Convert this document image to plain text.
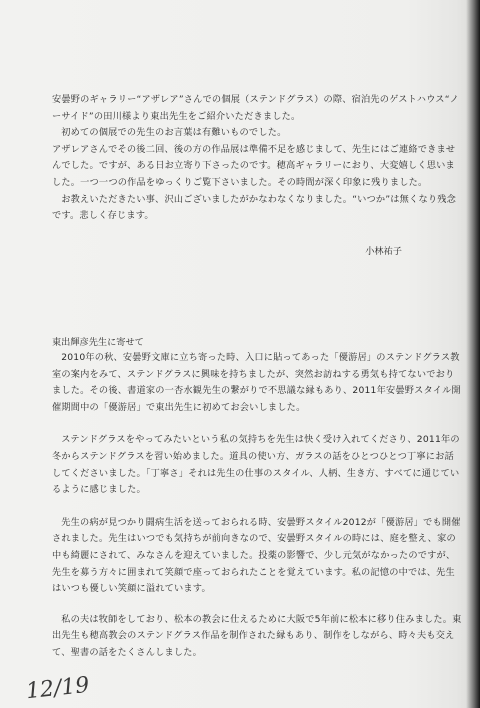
安曇野のギャラリー“アザレア”さんでの個展（ステンドグラス）の際、宿泊先のゲストハウス“ノーサイド”の田川様より東出先生をご紹介いただきました。

初めての個展での先生のお言葉は有難いものでした。

アザレアさんでその後二回、後の方の作品展は準備不足を感じまして、先生にはご連絡できませんでした。ですが、ある日お立寄り下さったのです。穂高ギャラリーにおり、大変嬉しく思いました。一つ一つの作品をゆっくりご覧下さいました。その時間が深く印象に残りました。

お教えいただきたい事、沢山ございましたがかなわなくなりました。“いつか”は無くなり残念です。悲しく存じます。

小林祐子
東出輝彦先生に寄せて

2010年の秋、安曇野文庫に立ち寄った時、入口に貼ってあった「優游居」のステンドグラス教室の案内をみて、ステンドグラスに興味を持ちましたが、突然お訪ねする勇気も持てないでおりました。その後、書道家の一杏水観先生の繋がりで不思議な縁もあり、2011年安曇野スタイル開催期間中の「優游居」で東出先生に初めてお会いしました。

ステンドグラスをやってみたいという私の気持ちを先生は快く受け入れてくださり、2011年の冬からステンドグラスを習い始めました。道具の使い方、ガラスの話をひとつひとつ丁寧にお話してくださいました。「丁寧さ」それは先生の仕事のスタイル、人柄、生き方、すべてに通じているように感じました。

先生の病が見つかり闘病生活を送っておられる時、安曇野スタイル2012が「優游居」でも開催されました。先生はいつでも気持ちが前向きなので、安曇野スタイルの時には、庭を整え、家の中も綺麗にされて、みなさんを迎えていました。投薬の影響で、少し元気がなかったのですが、先生を募う方々に囲まれて笑顔で座っておられたことを覚えています。私の記憶の中では、先生はいつも優しい笑顔に溢れています。

私の夫は牧師をしており、松本の教会に仕えるために大阪で5年前に松本に移り住みました。東出先生も穂高教会のステンドグラス作品を制作された縁もあり、制作をしながら、時々夫も交えて、聖書の話をたくさんしました。

12/19
